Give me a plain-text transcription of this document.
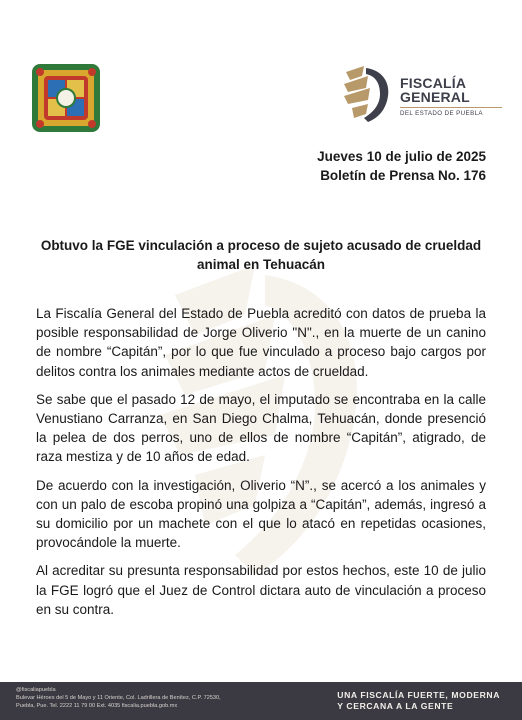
FISCALÍA
GENERAL
DEL ESTADO DE PUEBLA
Jueves 10 de julio de 2025
Boletín de Prensa No. 176
Obtuvo la FGE vinculación a proceso de sujeto acusado de crueldad animal en Tehuacán

La Fiscalía General del Estado de Puebla acreditó con datos de prueba la posible responsabilidad de Jorge Oliverio "N"., en la muerte de un canino de nombre “Capitán”, por lo que fue vinculado a proceso bajo cargos por delitos contra los animales mediante actos de crueldad.

Se sabe que el pasado 12 de mayo, el imputado se encontraba en la calle Venustiano Carranza, en San Diego Chalma, Tehuacán, donde presenció la pelea de dos perros, uno de ellos de nombre “Capitán”, atigrado, de raza mestiza y de 10 años de edad.

De acuerdo con la investigación, Oliverio “N”., se acercó a los animales y con un palo de escoba propinó una golpiza a “Capitán”, además, ingresó a su domicilio por un machete con el que lo atacó en repetidas ocasiones, provocándole la muerte.

Al acreditar su presunta responsabilidad por estos hechos, este 10 de julio la FGE logró que el Juez de Control dictara auto de vinculación a proceso en su contra.

@fiscaliapuebla
Bulevar Héroes del 5 de Mayo y 11 Oriente, Col. Ladrillera de Benítez, C.P. 72530,
Puebla, Pue. Tel. 2222 11 79 00 Ext. 4035 fiscalia.puebla.gob.mx
UNA FISCALÍA FUERTE, MODERNA
Y CERCANA A LA GENTE
